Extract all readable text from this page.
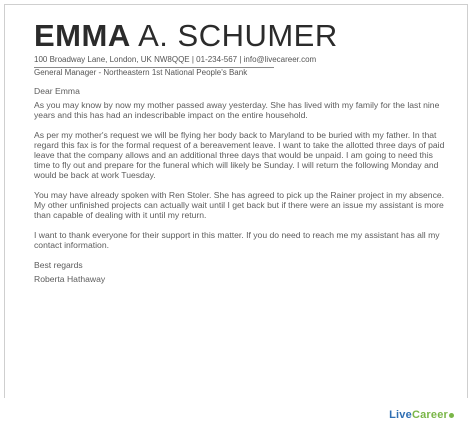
EMMA A. SCHUMER
100 Broadway Lane, London, UK NW8QQE | 01-234-567 | info@livecareer.com
General Manager - Northeastern 1st National People's Bank

Dear Emma

As you may know by now my mother passed away yesterday. She has lived with my family for the last nine years and this has had an indescribable impact on the entire household.

As per my mother's request we will be flying her body back to Maryland to be buried with my father. In that regard this fax is for the formal request of a bereavement leave. I want to take the allotted three days of paid leave that the company allows and an additional three days that would be unpaid. I am going to need this time to fly out and prepare for the funeral which will likely be Sunday. I will return the following Monday and would be back at work Tuesday.

You may have already spoken with Ren Stoler. She has agreed to pick up the Rainer project in my absence. My other unfinished projects can actually wait until I get back but if there were an issue my assistant is more than capable of dealing with it until my return.

I want to thank everyone for their support in this matter. If you do need to reach me my assistant has all my contact information.

Best regards

Roberta Hathaway

LiveCareer
